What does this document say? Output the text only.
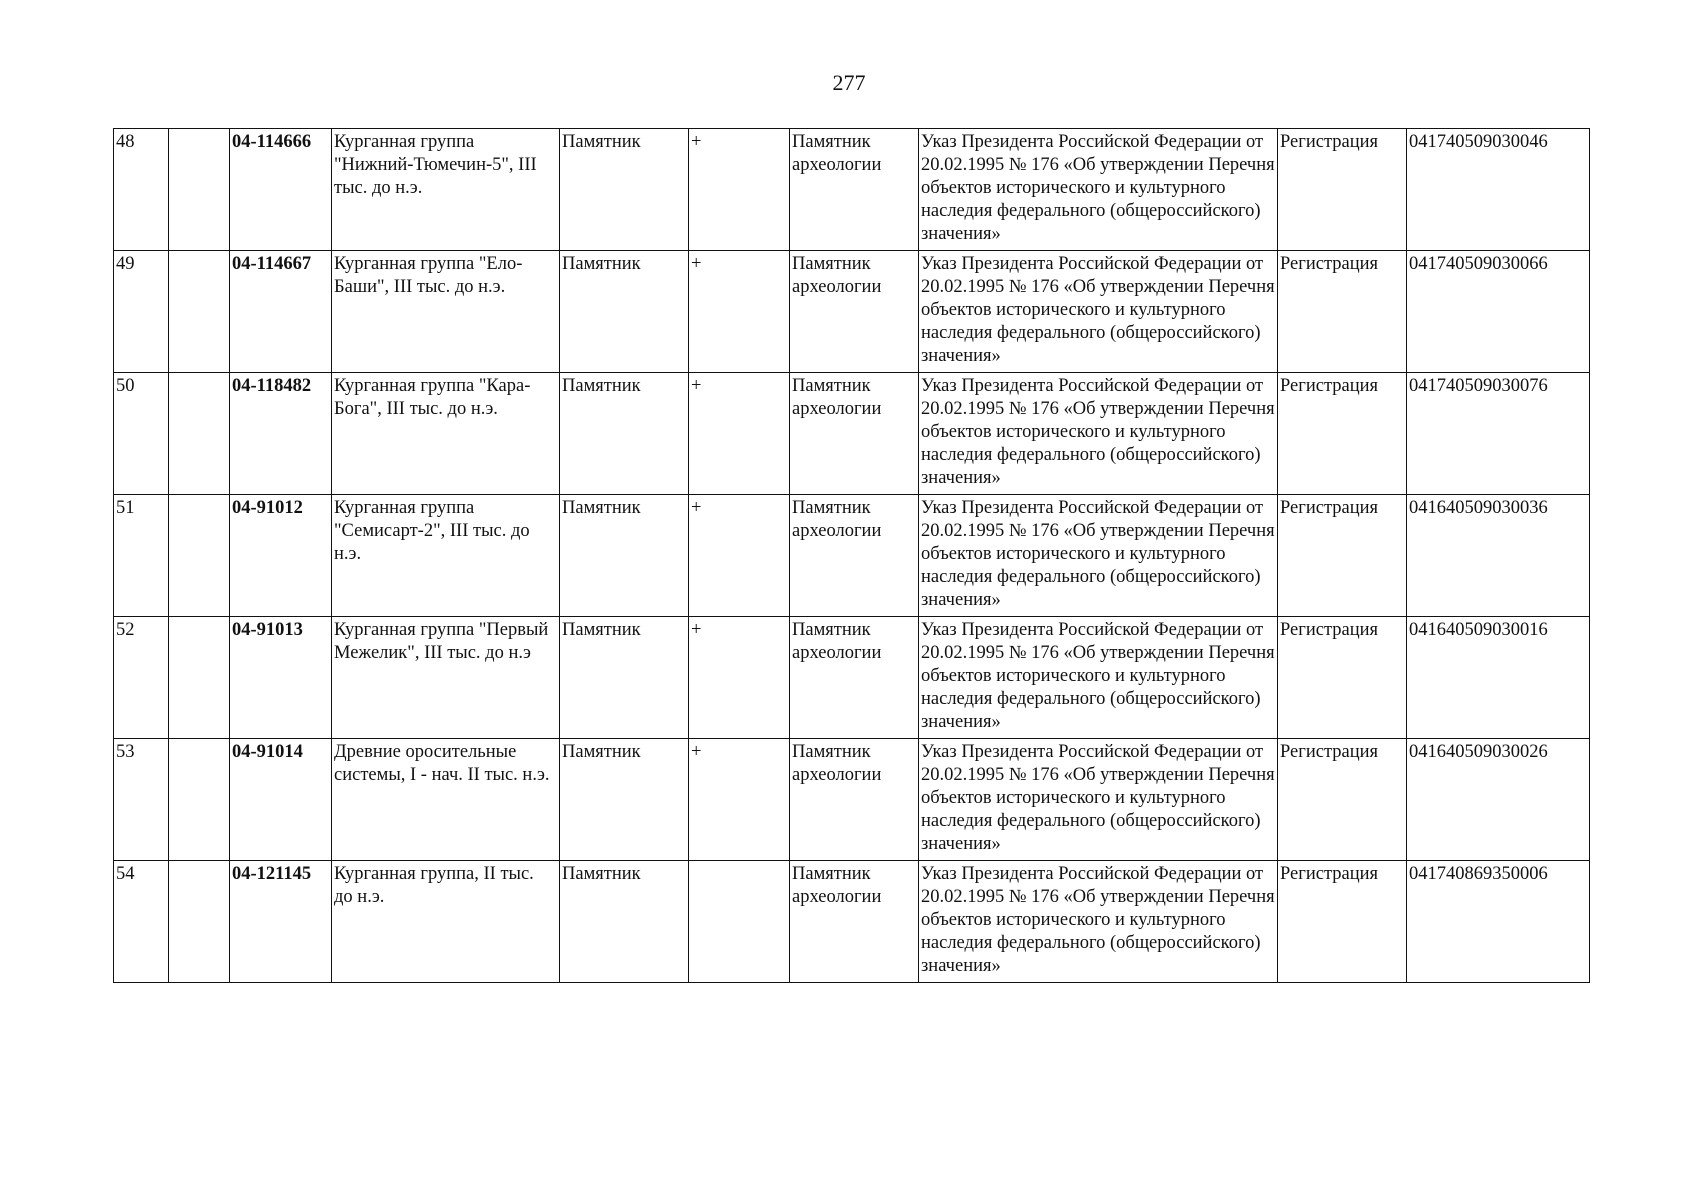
277
48		04-114666	Курганная группа "Нижний-Тюмечин-5", III тыс. до н.э.	Памятник	+	Памятник археологии	Указ Президента Российской Федерации от 20.02.1995 № 176 «Об утверждении Перечня объектов исторического и культурного наследия федерального (общероссийского) значения»	Регистрация	041740509030046
49		04-114667	Курганная группа "Ело-Баши", III тыс. до н.э.	Памятник	+	Памятник археологии	Указ Президента Российской Федерации от 20.02.1995 № 176 «Об утверждении Перечня объектов исторического и культурного наследия федерального (общероссийского) значения»	Регистрация	041740509030066
50		04-118482	Курганная группа "Кара-Бога", III тыс. до н.э.	Памятник	+	Памятник археологии	Указ Президента Российской Федерации от 20.02.1995 № 176 «Об утверждении Перечня объектов исторического и культурного наследия федерального (общероссийского) значения»	Регистрация	041740509030076
51		04-91012	Курганная группа "Семисарт-2", III тыс. до н.э.	Памятник	+	Памятник археологии	Указ Президента Российской Федерации от 20.02.1995 № 176 «Об утверждении Перечня объектов исторического и культурного наследия федерального (общероссийского) значения»	Регистрация	041640509030036
52		04-91013	Курганная группа "Первый Межелик", III тыс. до н.э	Памятник	+	Памятник археологии	Указ Президента Российской Федерации от 20.02.1995 № 176 «Об утверждении Перечня объектов исторического и культурного наследия федерального (общероссийского) значения»	Регистрация	041640509030016
53		04-91014	Древние оросительные системы, I - нач. II тыс. н.э.	Памятник	+	Памятник археологии	Указ Президента Российской Федерации от 20.02.1995 № 176 «Об утверждении Перечня объектов исторического и культурного наследия федерального (общероссийского) значения»	Регистрация	041640509030026
54		04-121145	Курганная группа, II тыс. до н.э.	Памятник		Памятник археологии	Указ Президента Российской Федерации от 20.02.1995 № 176 «Об утверждении Перечня объектов исторического и культурного наследия федерального (общероссийского) значения»	Регистрация	041740869350006
